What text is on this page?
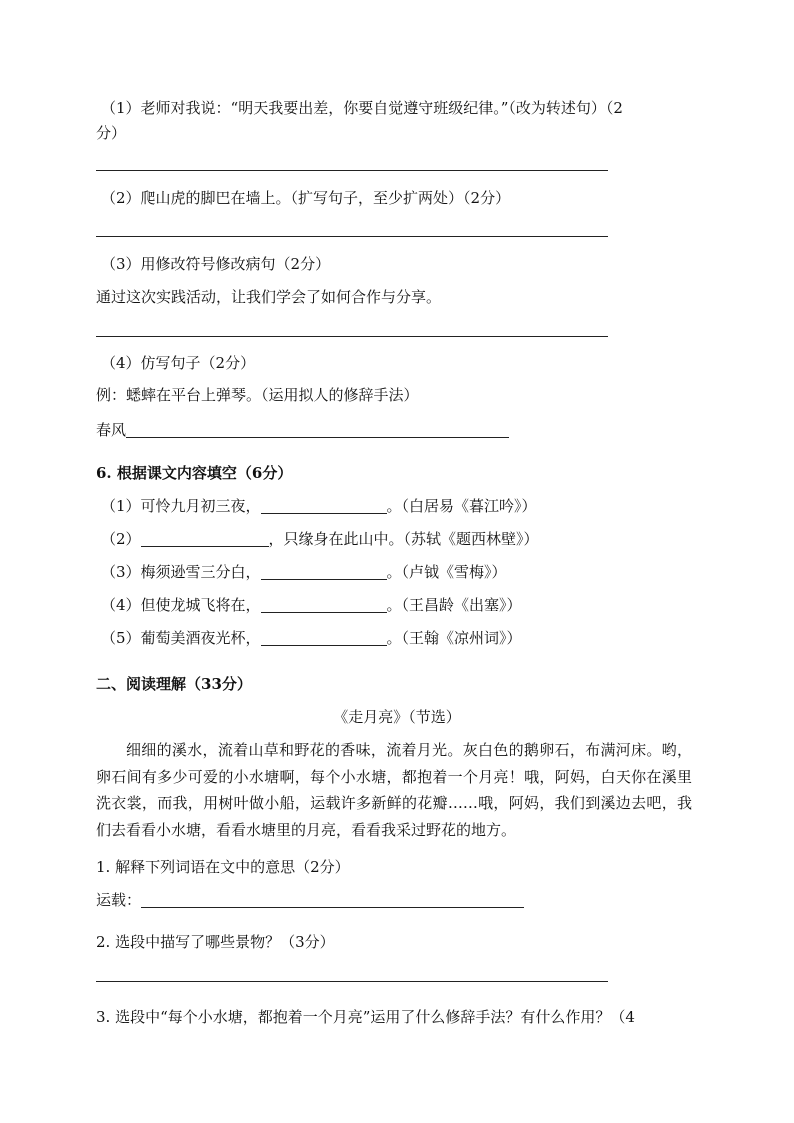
（1）老师对我说：“明天我要出差，你要自觉遵守班级纪律。”（改为转述句）（2
分）
（2）爬山虎的脚巴在墙上。（扩写句子，至少扩两处）（2分）
（3）用修改符号修改病句（2分）
通过这次实践活动，让我们学会了如何合作与分享。
（4）仿写句子（2分）
例：蟋蟀在平台上弹琴。（运用拟人的修辞手法）
春风
6. 根据课文内容填空（6分）
（1）可怜九月初三夜，	。（白居易《暮江吟》）
（2）	，只缘身在此山中。（苏轼《题西林壁》）
（3）梅须逊雪三分白，	。（卢钺《雪梅》）
（4）但使龙城飞将在，	。（王昌龄《出塞》）
（5）葡萄美酒夜光杯，	。（王翰《凉州词》）
二、阅读理解（33分）
《走月亮》（节选）
细细的溪水，流着山草和野花的香味，流着月光。灰白色的鹅卵石，布满河床。哟，卵石间有多少可爱的小水塘啊，每个小水塘，都抱着一个月亮！哦，阿妈，白天你在溪里洗衣裳，而我，用树叶做小船，运载许多新鲜的花瓣……哦，阿妈，我们到溪边去吧，我们去看看小水塘，看看水塘里的月亮，看看我采过野花的地方。
1. 解释下列词语在文中的意思（2分）
运载：
2. 选段中描写了哪些景物？（3分）
3. 选段中“每个小水塘，都抱着一个月亮”运用了什么修辞手法？有什么作用？（4
